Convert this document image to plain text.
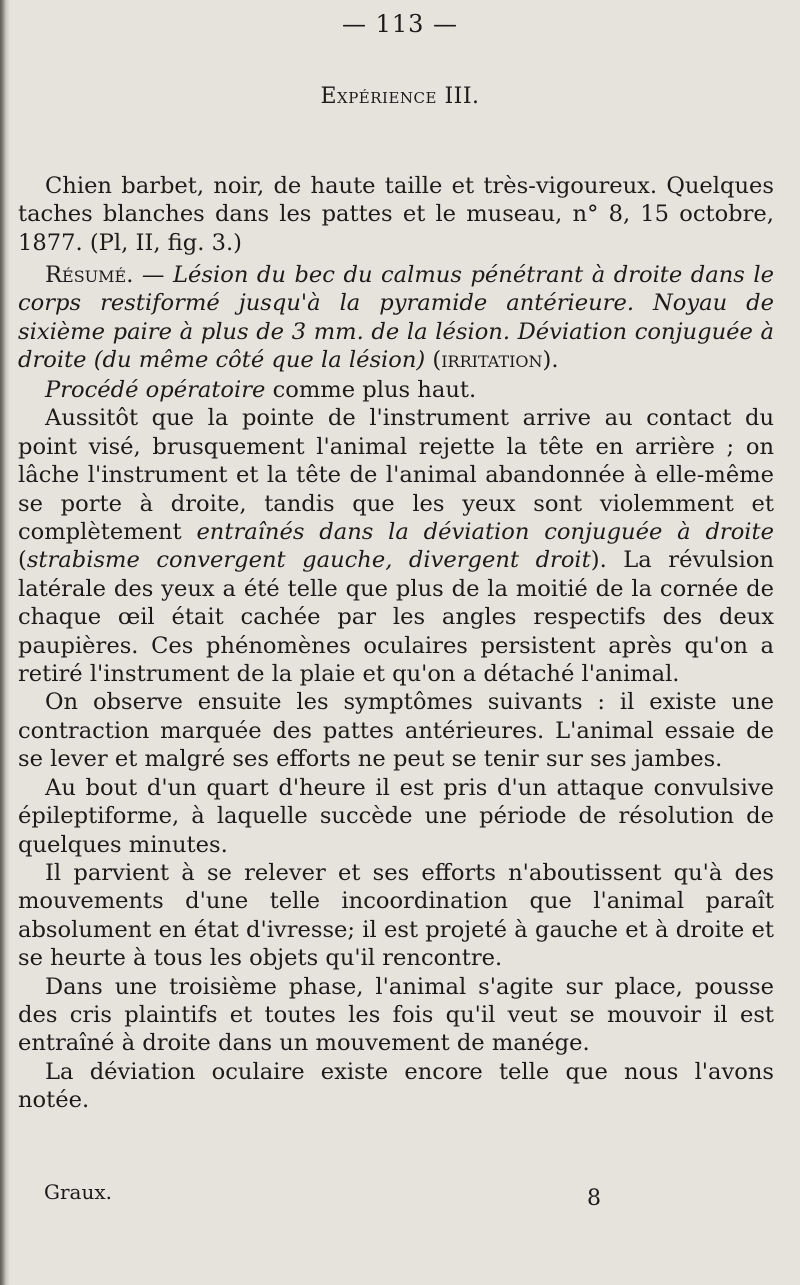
— 113 —
Expérience III.

Chien barbet, noir, de haute taille et très-vigoureux. Quelques taches blanches dans les pattes et le museau, n° 8, 15 octobre, 1877. (Pl, II, fig. 3.)

Résumé. — Lésion du bec du calmus pénétrant à droite dans le corps restiformé jusqu'à la pyramide antérieure. Noyau de sixième paire à plus de 3 mm. de la lésion. Déviation conjuguée à droite (du même côté que la lésion) (irritation).

Procédé opératoire comme plus haut.

Aussitôt que la pointe de l'instrument arrive au contact du point visé, brusquement l'animal rejette la tête en arrière ; on lâche l'instrument et la tête de l'animal abandonnée à elle-même se porte à droite, tandis que les yeux sont violemment et complètement entraînés dans la déviation conjuguée à droite (strabisme convergent gauche, divergent droit). La révulsion latérale des yeux a été telle que plus de la moitié de la cornée de chaque œil était cachée par les angles respectifs des deux paupières. Ces phénomènes oculaires persistent après qu'on a retiré l'instrument de la plaie et qu'on a détaché l'animal.

On observe ensuite les symptômes suivants : il existe une contraction marquée des pattes antérieures. L'animal essaie de se lever et malgré ses efforts ne peut se tenir sur ses jambes.

Au bout d'un quart d'heure il est pris d'un attaque convulsive épileptiforme, à laquelle succède une période de résolution de quelques minutes.

Il parvient à se relever et ses efforts n'aboutissent qu'à des mouvements d'une telle incoordination que l'animal paraît absolument en état d'ivresse; il est projeté à gauche et à droite et se heurte à tous les objets qu'il rencontre.

Dans une troisième phase, l'animal s'agite sur place, pousse des cris plaintifs et toutes les fois qu'il veut se mouvoir il est entraîné à droite dans un mouvement de manége.

La déviation oculaire existe encore telle que nous l'avons notée.

Graux.	8
